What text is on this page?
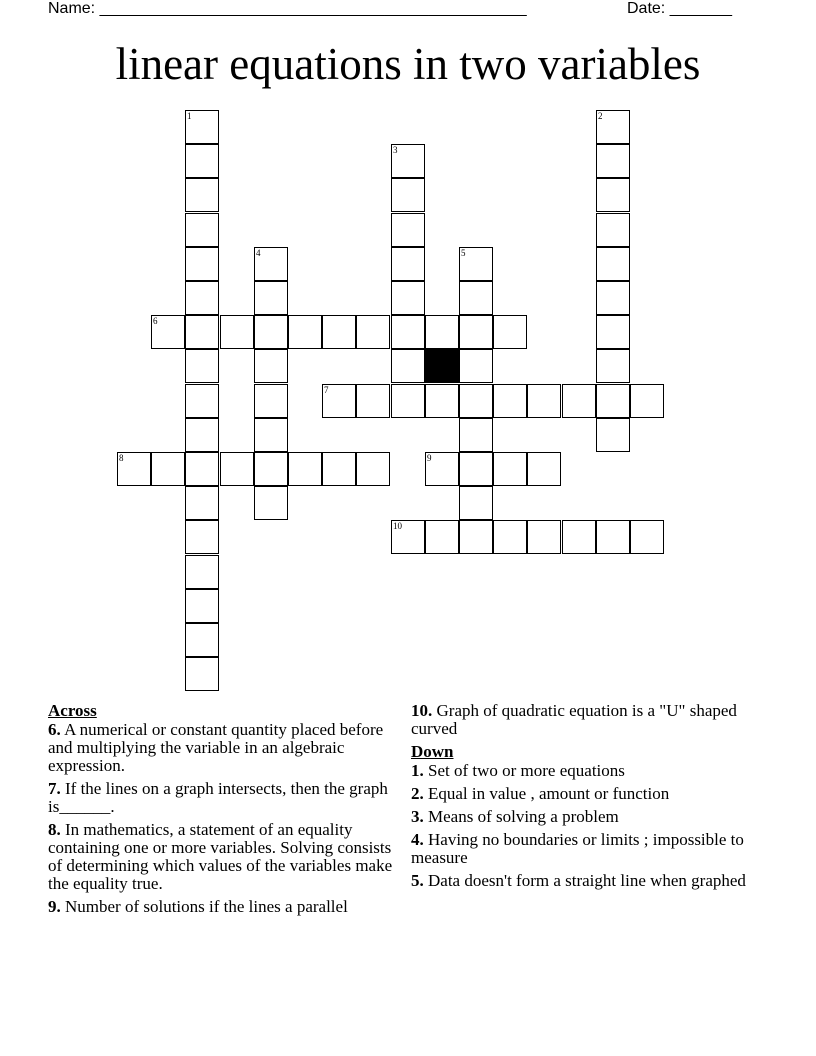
Name: ________________________________________________	Date: _______
linear equations in two variables
1	2
3
4	5
6
7
8	9
10
Across
6. A numerical or constant quantity placed before and multiplying the variable in an algebraic expression.
7. If the lines on a graph intersects, then the graph is______.
8. In mathematics, a statement of an equality containing one or more variables. Solving consists of determining which values of the variables make the equality true.
9. Number of solutions if the lines a parallel
10. Graph of quadratic equation is a "U" shaped curved
Down
1. Set of two or more equations
2. Equal in value , amount or function
3. Means of solving a problem
4. Having no boundaries or limits ; impossible to measure
5. Data doesn't form a straight line when graphed
